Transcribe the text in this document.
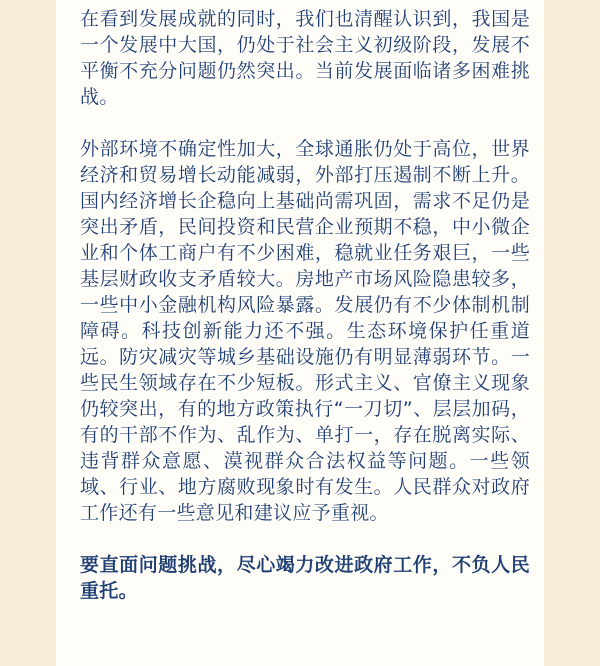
在看到发展成就的同时，我们也清醒认识到，我国是一个发展中大国，仍处于社会主义初级阶段，发展不平衡不充分问题仍然突出。当前发展面临诸多困难挑战。

外部环境不确定性加大，全球通胀仍处于高位，世界经济和贸易增长动能减弱，外部打压遏制不断上升。国内经济增长企稳向上基础尚需巩固，需求不足仍是突出矛盾，民间投资和民营企业预期不稳，中小微企业和个体工商户有不少困难，稳就业任务艰巨，一些基层财政收支矛盾较大。房地产市场风险隐患较多，一些中小金融机构风险暴露。发展仍有不少体制机制障碍。科技创新能力还不强。生态环境保护任重道远。防灾减灾等城乡基础设施仍有明显薄弱环节。一些民生领域存在不少短板。形式主义、官僚主义现象仍较突出，有的地方政策执行“一刀切”、层层加码，有的干部不作为、乱作为、单打一，存在脱离实际、违背群众意愿、漠视群众合法权益等问题。一些领域、行业、地方腐败现象时有发生。人民群众对政府工作还有一些意见和建议应予重视。

要直面问题挑战，尽心竭力改进政府工作，不负人民重托。
